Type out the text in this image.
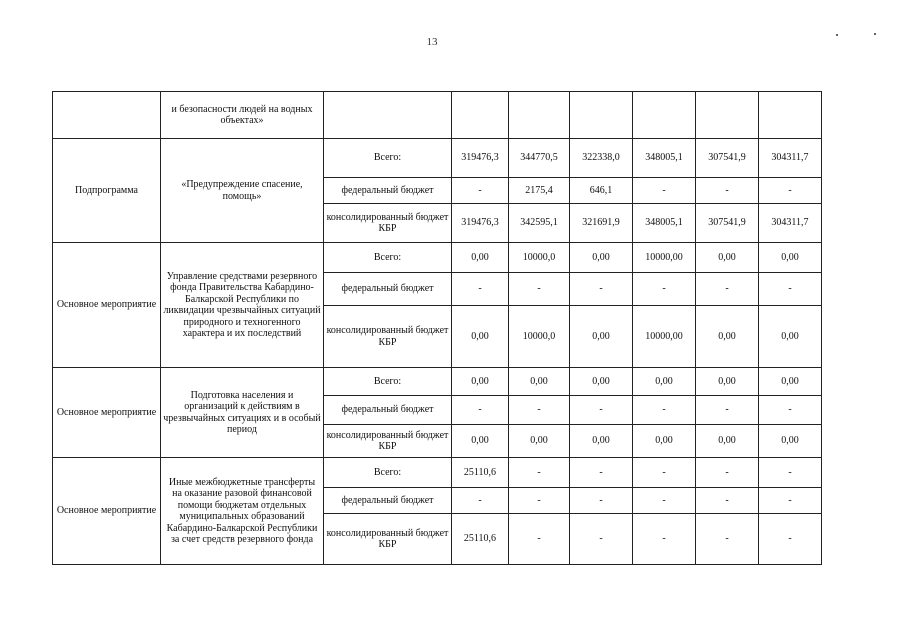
13
	и безопасности людей на водных объектах»							
Подпрограмма	«Предупреждение спасение, помощь»	Всего:	319476,3	344770,5	322338,0	348005,1	307541,9	304311,7
		федеральный бюджет	-	2175,4	646,1	-	-	-
		консолидированный бюджет КБР	319476,3	342595,1	321691,9	348005,1	307541,9	304311,7
Основное мероприятие	Управление средствами резервного фонда Правительства Кабардино-Балкарской Республики по ликвидации чрезвычайных ситуаций природного и техногенного характера и их последствий	Всего:	0,00	10000,0	0,00	10000,00	0,00	0,00
		федеральный бюджет	-	-	-	-	-	-
		консолидированный бюджет КБР	0,00	10000,0	0,00	10000,00	0,00	0,00
Основное мероприятие	Подготовка населения и организаций к действиям в чрезвычайных ситуациях и в особый период	Всего:	0,00	0,00	0,00	0,00	0,00	0,00
		федеральный бюджет	-	-	-	-	-	-
		консолидированный бюджет КБР	0,00	0,00	0,00	0,00	0,00	0,00
Основное мероприятие	Иные межбюджетные трансферты на оказание разовой финансовой помощи бюджетам отдельных муниципальных образований Кабардино-Балкарской Республики за счет средств резервного фонда	Всего:	25110,6	-	-	-	-	-
		федеральный бюджет	-	-	-	-	-	-
		консолидированный бюджет КБР	25110,6	-	-	-	-	-
